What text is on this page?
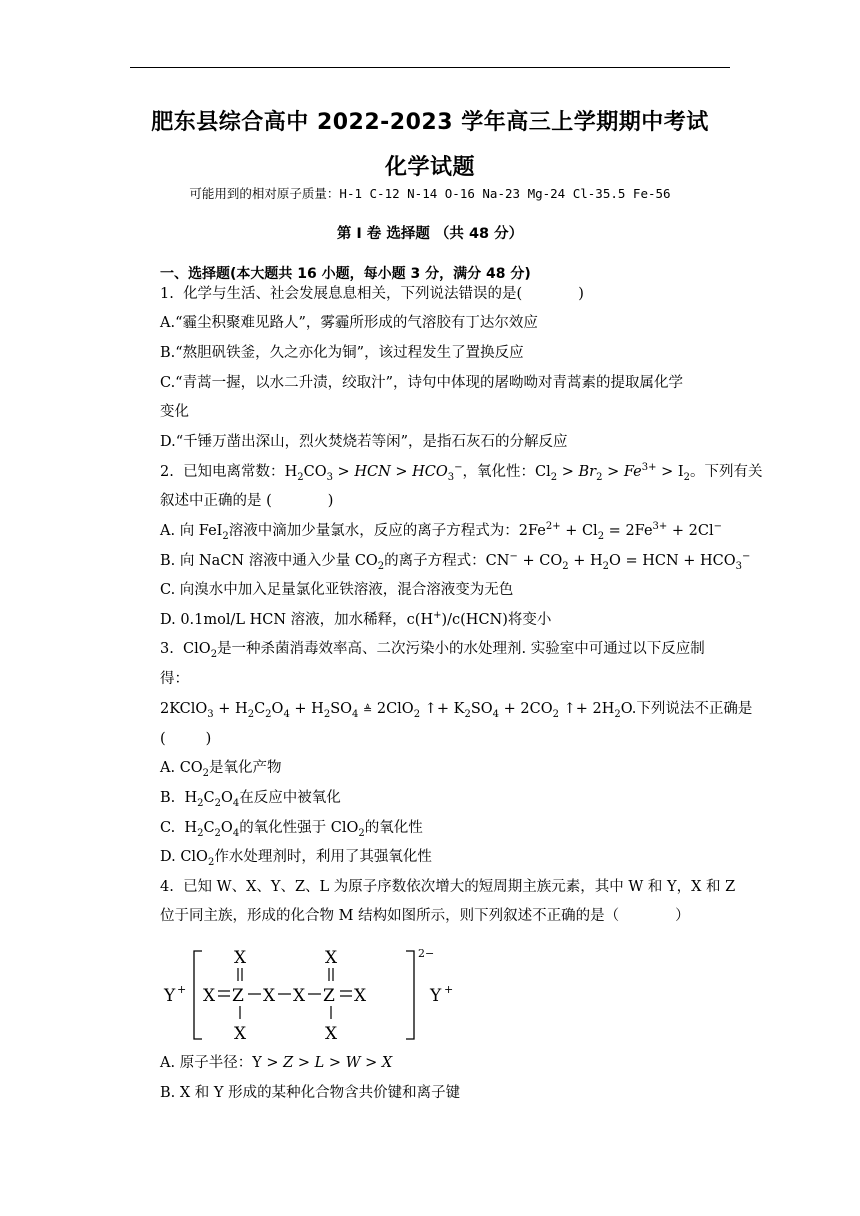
肥东县综合高中 2022-2023 学年高三上学期期中考试
化学试题
可能用到的相对原子质量：H-1 C-12 N-14 O-16 Na-23 Mg-24 Cl-35.5 Fe-56
第 I 卷 选择题 （共 48 分）
一、选择题(本大题共 16 小题，每小题 3 分，满分 48 分)
1. 化学与生活、社会发展息息相关，下列说法错误的是(	)
A.“霾尘积聚难见路人”，雾霾所形成的气溶胶有丁达尔效应
B.“熬胆矾铁釜，久之亦化为铜”，该过程发生了置换反应
C.“青蒿一握，以水二升渍，绞取汁”，诗句中体现的屠呦呦对青蒿素的提取属化学
变化
D.“千锤万凿出深山，烈火焚烧若等闲”，是指石灰石的分解反应
2. 已知电离常数：$H_2CO_3$ > HCN > $HCO_3^-$，氧化性：$Cl_2 > Br_2 > Fe^{3+} > I_2$。下列有关
叙述中正确的是 (	)
A. 向 FeI$_2$溶液中滴加少量氯水，反应的离子方程式为：$2Fe^{2+} + Cl_2 = 2Fe^{3+} + 2Cl^-$
B. 向 NaCN 溶液中通入少量 $CO_2$的离子方程式：$CN^- + CO_2 + H_2O$ = HCN + $HCO_3^-$
C. 向溴水中加入足量氯化亚铁溶液，混合溶液变为无色
D. 0.1mol/L HCN 溶液，加水稀释，c(H+)/c(HCN)将变小
3.  ClO$_2$是一种杀菌消毒效率高、二次污染小的水处理剂. 实验室中可通过以下反应制
得：
2KClO$_3$ + $H_2C_2O_4 + H_2SO_4$ ≜ 2ClO$_2$ ↑+ $K_2SO_4 + 2CO_2$ ↑+ $2H_2O$.下列说法不正确是
(	)
A. $CO_2$是氧化产物
B.  $H_2C_2O_4$在反应中被氧化
C.  $H_2C_2O_4$的氧化性强于 ClO$_2$的氧化性
D. ClO$_2$作水处理剂时，利用了其强氧化性
4. 已知 W、X、Y、Z、L 为原子序数依次增大的短周期主族元素，其中 W 和 Y，X 和 Z
位于同主族，形成的化合物 M 结构如图所示，则下列叙述不正确的是（	）
Y + X Z
X
X
X X Z
X
X
X
2−
Y +
A. 原子半径：Y > Z > L > W > X
B. X 和 Y 形成的某种化合物含共价键和离子键
